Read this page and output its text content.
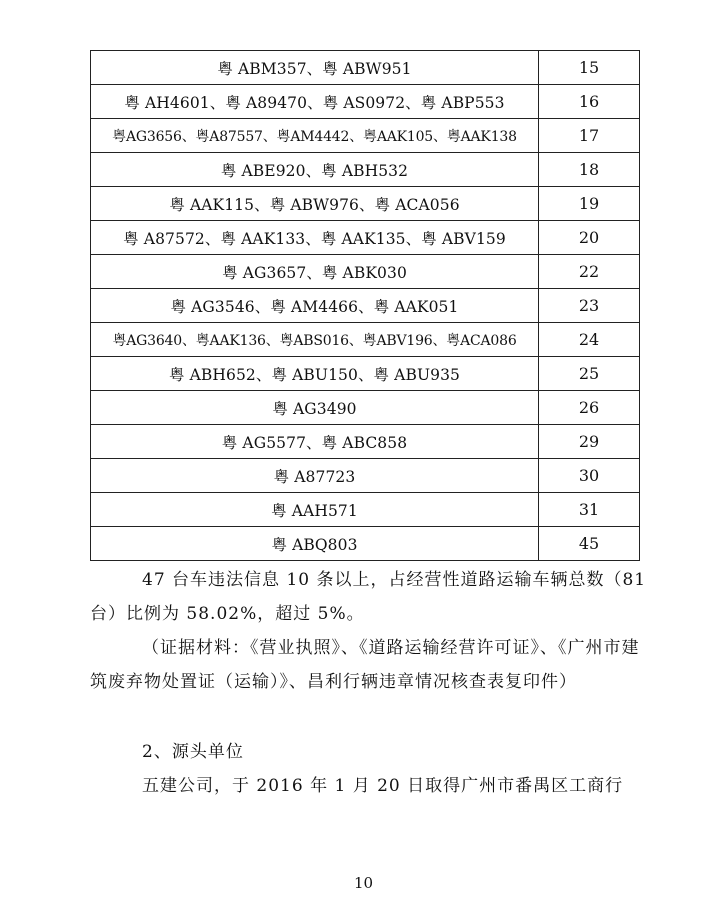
粤 ABM357、粤 ABW951	15
粤 AH4601、粤 A89470、粤 AS0972、粤 ABP553	16
粤AG3656、粤A87557、粤AM4442、粤AAK105、粤AAK138	17
粤 ABE920、粤 ABH532	18
粤 AAK115、粤 ABW976、粤 ACA056	19
粤 A87572、粤 AAK133、粤 AAK135、粤 ABV159	20
粤 AG3657、粤 ABK030	22
粤 AG3546、粤 AM4466、粤 AAK051	23
粤AG3640、粤AAK136、粤ABS016、粤ABV196、粤ACA086	24
粤 ABH652、粤 ABU150、粤 ABU935	25
粤 AG3490	26
粤 AG5577、粤 ABC858	29
粤 A87723	30
粤 AAH571	31
粤 ABQ803	45

47 台车违法信息 10 条以上，占经营性道路运输车辆总数（81 台）比例为 58.02%，超过 5%。

（证据材料：《营业执照》、《道路运输经营许可证》、《广州市建筑废弃物处置证（运输）》、昌利行辆违章情况核查表复印件）

2、源头单位

五建公司，于 2016 年 1 月 20 日取得广州市番禺区工商行

10
